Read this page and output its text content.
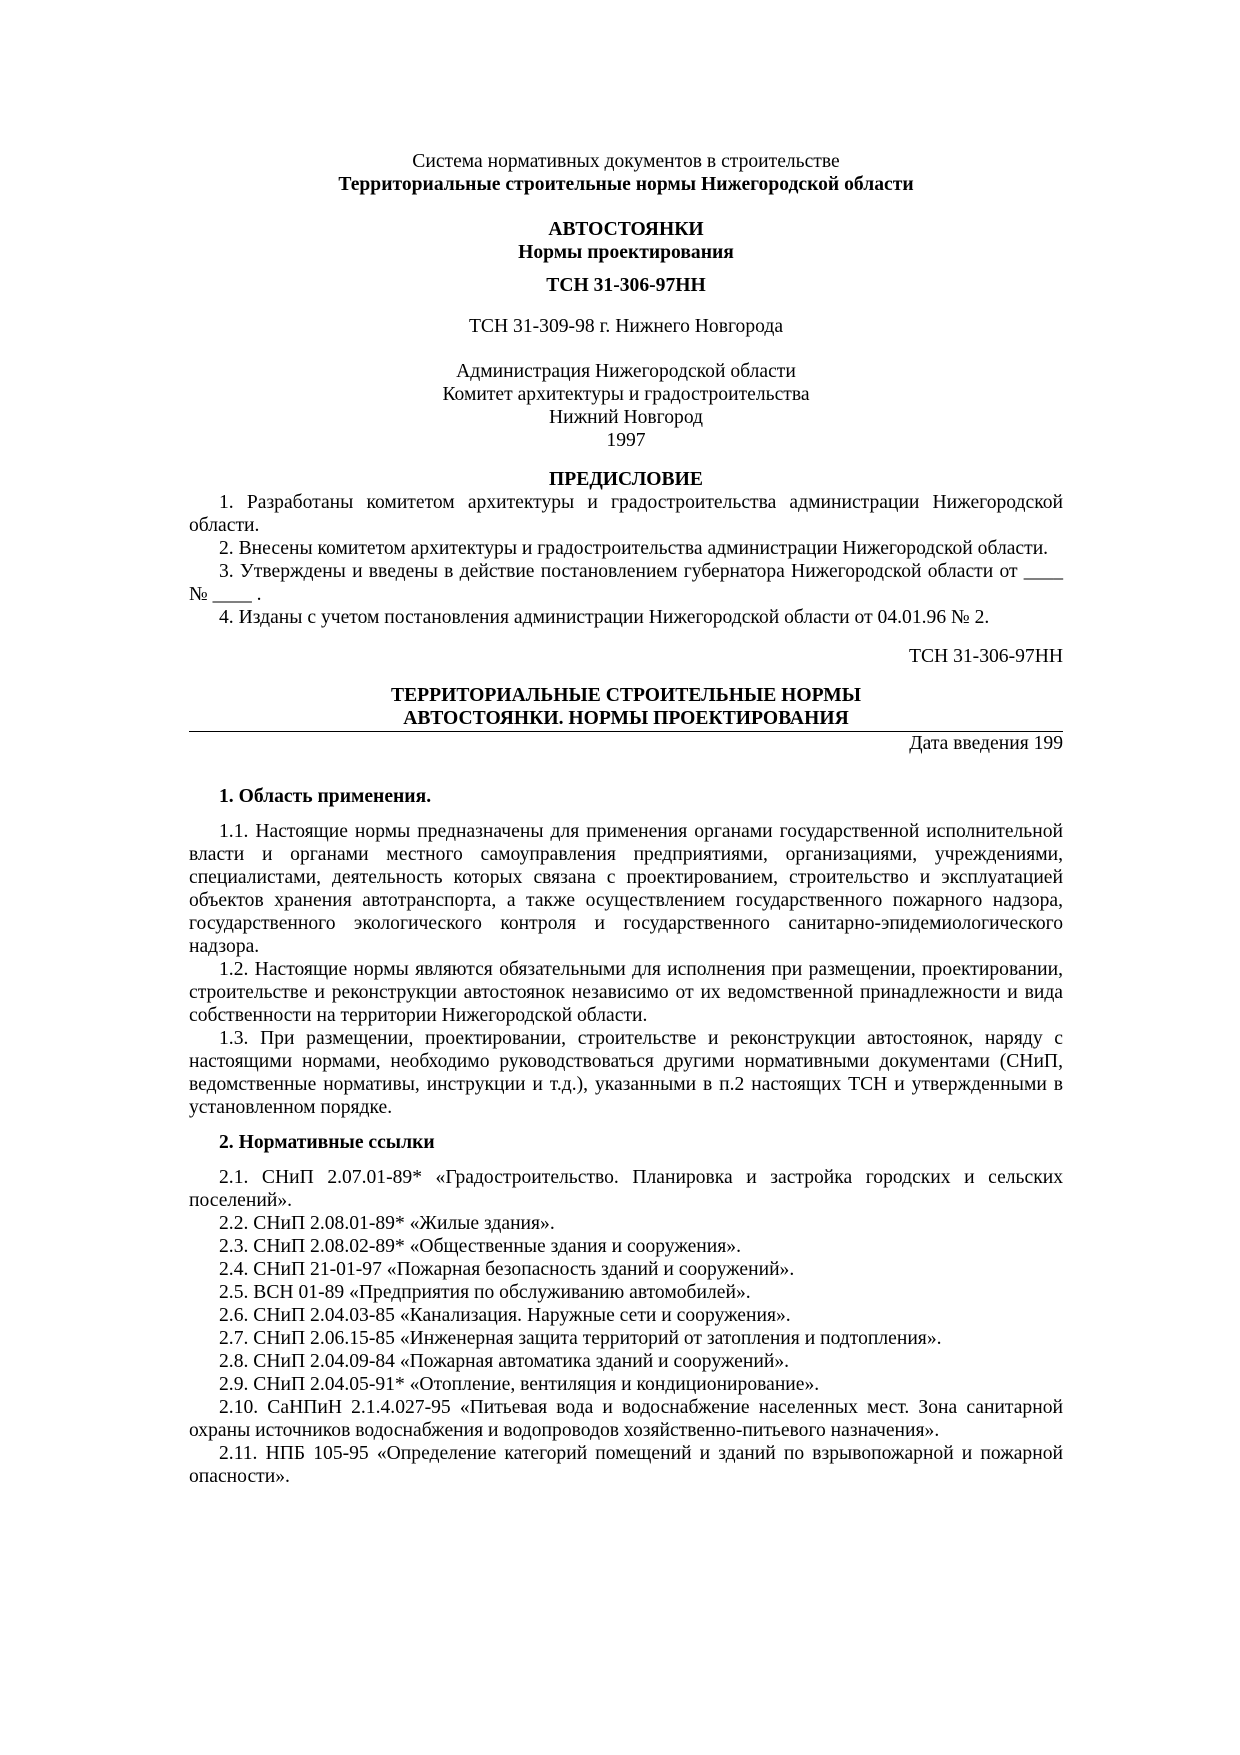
Система нормативных документов в строительстве

Территориальные строительные нормы Нижегородской области

АВТОСТОЯНКИ

Нормы проектирования

ТСН 31-306-97НН

ТСН 31-309-98 г. Нижнего Новгорода

Администрация Нижегородской области

Комитет архитектуры и градостроительства

Нижний Новгород

1997

ПРЕДИСЛОВИЕ

1. Разработаны комитетом архитектуры и градостроительства администрации Нижегородской области.

2. Внесены комитетом архитектуры и градостроительства администрации Нижегородской области.

3. Утверждены и введены в действие постановлением губернатора Нижегородской области от ____ № ____ .

4. Изданы с учетом постановления администрации Нижегородской области от 04.01.96 № 2.

ТСН 31-306-97НН

ТЕРРИТОРИАЛЬНЫЕ СТРОИТЕЛЬНЫЕ НОРМЫ

АВТОСТОЯНКИ. НОРМЫ ПРОЕКТИРОВАНИЯ

Дата введения 199

1. Область применения.

1.1. Настоящие нормы предназначены для применения органами государственной исполнительной власти и органами местного самоуправления предприятиями, организациями, учреждениями, специалистами, деятельность которых связана с проектированием, строительство и эксплуатацией объектов хранения автотранспорта, а также осуществлением государственного пожарного надзора, государственного экологического контроля и государственного санитарно-эпидемиологического надзора.

1.2. Настоящие нормы являются обязательными для исполнения при размещении, проектировании, строительстве и реконструкции автостоянок независимо от их ведомственной принадлежности и вида собственности на территории Нижегородской области.

1.3. При размещении, проектировании, строительстве и реконструкции автостоянок, наряду с настоящими нормами, необходимо руководствоваться другими нормативными документами (СНиП, ведомственные нормативы, инструкции и т.д.), указанными в п.2 настоящих ТСН и утвержденными в установленном порядке.

2. Нормативные ссылки

2.1. СНиП 2.07.01-89* «Градостроительство. Планировка и застройка городских и сельских поселений».

2.2. СНиП 2.08.01-89* «Жилые здания».

2.3. СНиП 2.08.02-89* «Общественные здания и сооружения».

2.4. СНиП 21-01-97 «Пожарная безопасность зданий и сооружений».

2.5. ВСН 01-89 «Предприятия по обслуживанию автомобилей».

2.6. СНиП 2.04.03-85 «Канализация. Наружные сети и сооружения».

2.7. СНиП 2.06.15-85 «Инженерная защита территорий от затопления и подтопления».

2.8. СНиП 2.04.09-84 «Пожарная автоматика зданий и сооружений».

2.9. СНиП 2.04.05-91* «Отопление, вентиляция и кондиционирование».

2.10. СаНПиН 2.1.4.027-95 «Питьевая вода и водоснабжение населенных мест. Зона санитарной охраны источников водоснабжения и водопроводов хозяйственно-питьевого назначения».

2.11. НПБ 105-95 «Определение категорий помещений и зданий по взрывопожарной и пожарной опасности».
